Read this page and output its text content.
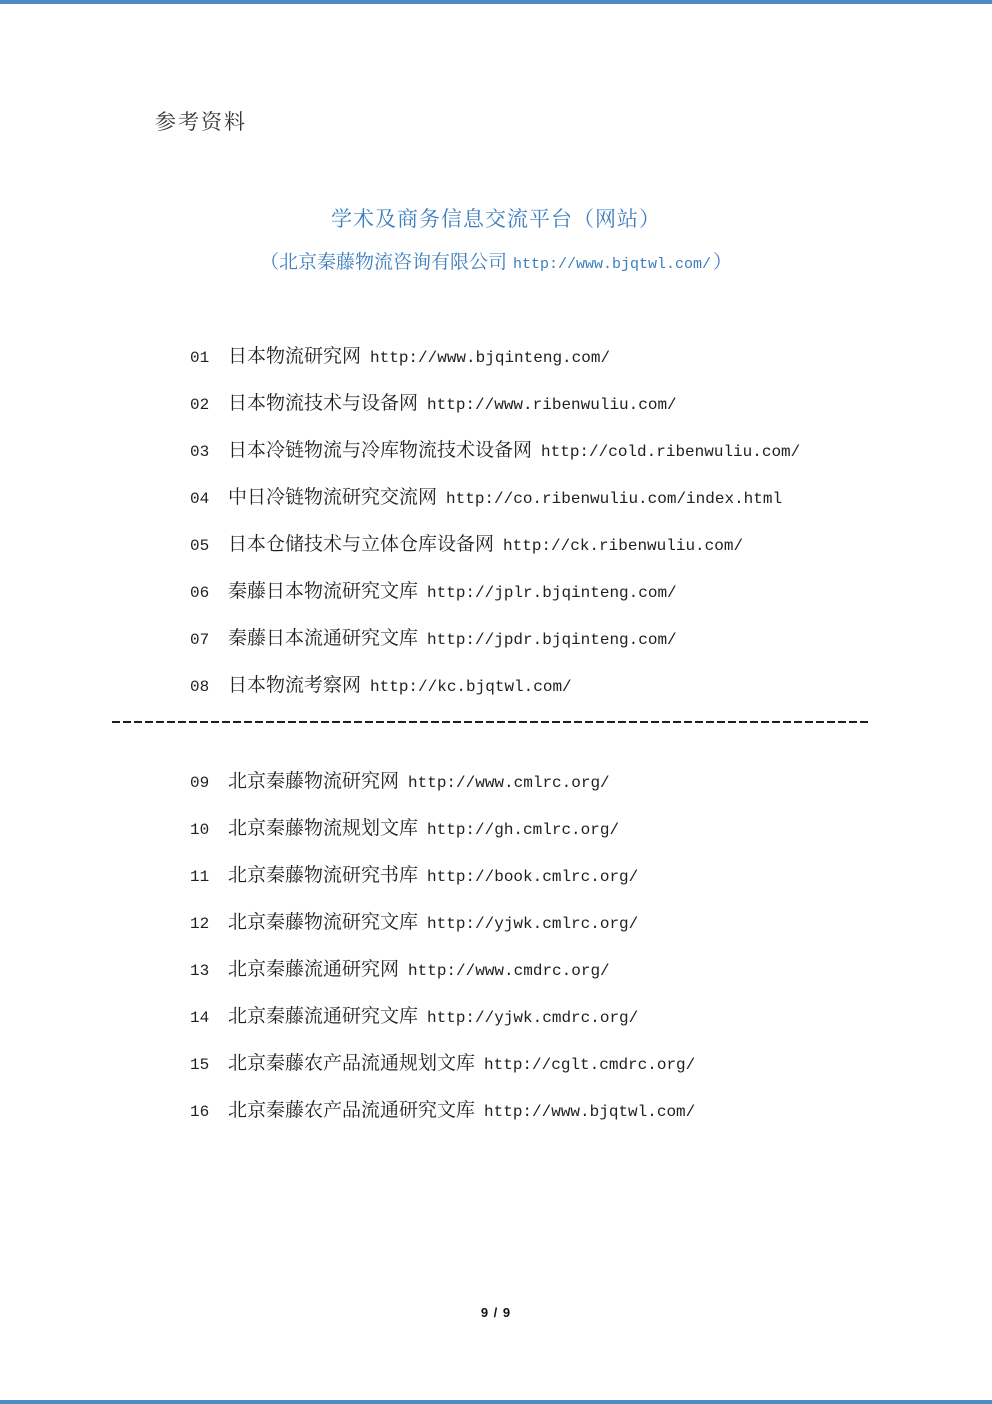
参考资料
学术及商务信息交流平台（网站）
（北京秦藤物流咨询有限公司 http://www.bjqtwl.com/ ）
01 日本物流研究网 http://www.bjqinteng.com/
02 日本物流技术与设备网 http://www.ribenwuliu.com/
03 日本冷链物流与冷库物流技术设备网 http://cold.ribenwuliu.com/
04 中日冷链物流研究交流网 http://co.ribenwuliu.com/index.html
05 日本仓储技术与立体仓库设备网 http://ck.ribenwuliu.com/
06 秦藤日本物流研究文库 http://jplr.bjqinteng.com/
07 秦藤日本流通研究文库 http://jpdr.bjqinteng.com/
08 日本物流考察网 http://kc.bjqtwl.com/
09 北京秦藤物流研究网 http://www.cmlrc.org/
10 北京秦藤物流规划文库 http://gh.cmlrc.org/
11 北京秦藤物流研究书库 http://book.cmlrc.org/
12 北京秦藤物流研究文库 http://yjwk.cmlrc.org/
13 北京秦藤流通研究网 http://www.cmdrc.org/
14 北京秦藤流通研究文库 http://yjwk.cmdrc.org/
15 北京秦藤农产品流通规划文库 http://cglt.cmdrc.org/
16 北京秦藤农产品流通研究文库 http://www.bjqtwl.com/
9 / 9
